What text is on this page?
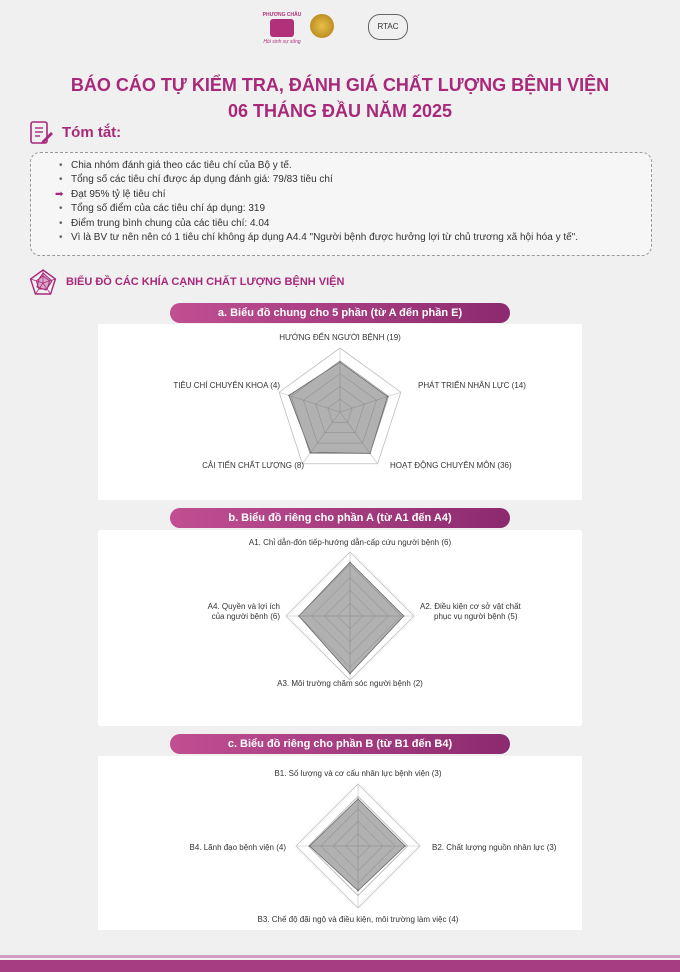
PHƯƠNG CHÂU
Hồi sinh sự sống
RTAC
BÁO CÁO TỰ KIỂM TRA, ĐÁNH GIÁ CHẤT LƯỢNG BỆNH VIỆN
06 THÁNG ĐẦU NĂM 2025
Tóm tắt:
• Chia nhóm đánh giá theo các tiêu chí của Bộ y tế.
• Tổng số các tiêu chí được áp dụng đánh giá: 79/83 tiêu chí
➡ Đạt 95% tỷ lệ tiêu chí
• Tổng số điểm của các tiêu chí áp dụng: 319
• Điểm trung bình chung của các tiêu chí: 4.04
• Vì là BV tư nên nên có 1 tiêu chí không áp dụng A4.4 "Người bệnh được hưởng lợi từ chủ trương xã hội hóa y tế".
BIỂU ĐỒ CÁC KHÍA CẠNH CHẤT LƯỢNG BỆNH VIỆN
a. Biểu đồ chung cho 5 phần (từ A đến phần E)
HƯỚNG ĐẾN NGƯỜI BỆNH (19)
PHÁT TRIỂN NHÂN LỰC (14)
HOẠT ĐỘNG CHUYÊN MÔN (36)
CẢI TIẾN CHẤT LƯỢNG (8)
TIÊU CHÍ CHUYÊN KHOA (4)
b. Biểu đồ riêng cho phần A (từ A1 đến A4)
A1. Chỉ dẫn-đón tiếp-hướng dẫn-cấp cứu người bệnh (6)
A2. Điều kiện cơ sở vật chất
phục vụ người bệnh (5)
A3. Môi trường chăm sóc người bệnh (2)
A4. Quyền và lợi ích
của người bệnh (6)
c. Biểu đồ riêng cho phần B (từ B1 đến B4)
B1. Số lượng và cơ cấu nhân lực bệnh viện (3)
B2. Chất lượng nguồn nhân lực (3)
B3. Chế độ đãi ngộ và điều kiện, môi trường làm việc (4)
B4. Lãnh đạo bệnh viện (4)
